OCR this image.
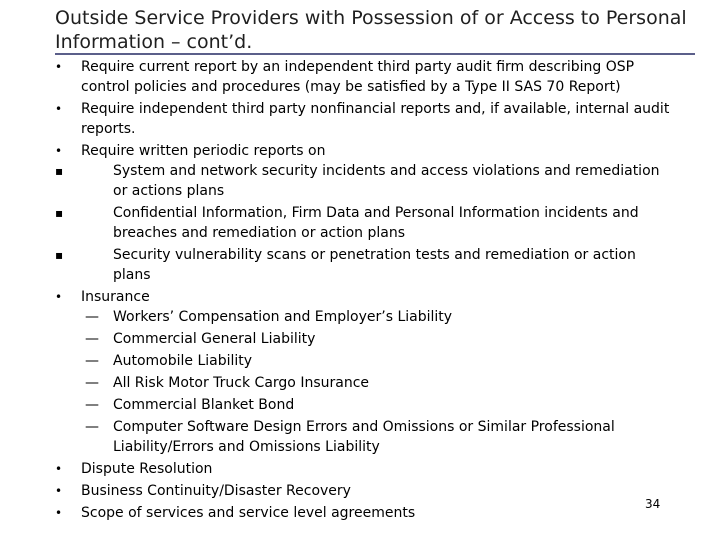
Outside Service Providers with Possession of or Access to Personal Information – cont’d.
•	Require current report by an independent third party audit firm describing OSP control policies and procedures (may be satisfied by a Type II SAS 70 Report)
•	Require independent third party nonfinancial reports and, if available, internal audit reports.
•	Require written periodic reports on
▪	System and network security incidents and access violations and remediation or actions plans
▪	Confidential Information, Firm Data and Personal Information incidents and breaches and remediation or action plans
▪	Security vulnerability scans or penetration tests and remediation or action plans
•	Insurance
—	Workers’ Compensation and Employer’s Liability
—	Commercial General Liability
—	Automobile Liability
—	All Risk Motor Truck Cargo Insurance
—	Commercial Blanket Bond
—	Computer Software Design Errors and Omissions or Similar Professional Liability/Errors and Omissions Liability
•	Dispute Resolution
•	Business Continuity/Disaster Recovery
•	Scope of services and service level agreements
34
